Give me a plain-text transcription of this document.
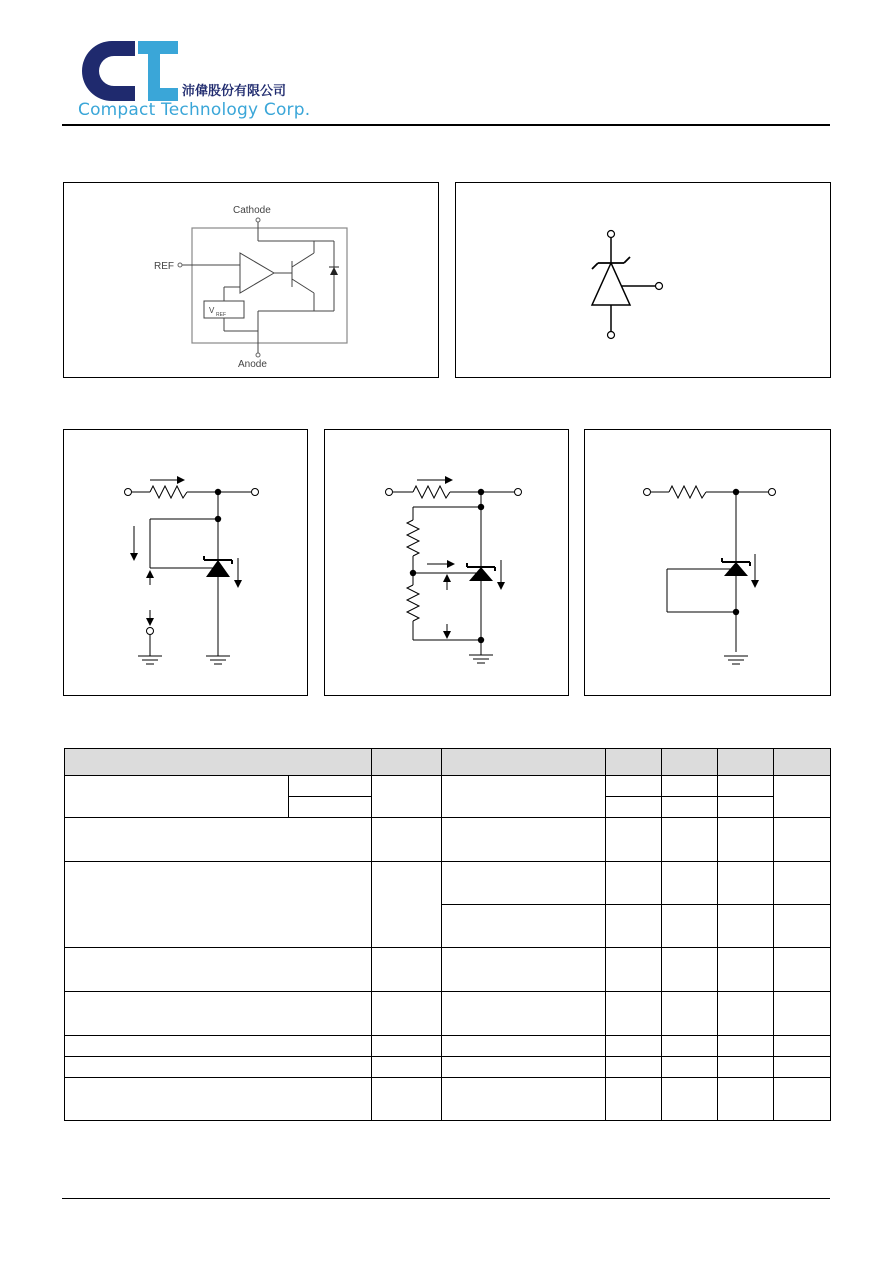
沛偉股份有限公司
Compact Technology Corp.
Cathode
REF
Anode
V REF
